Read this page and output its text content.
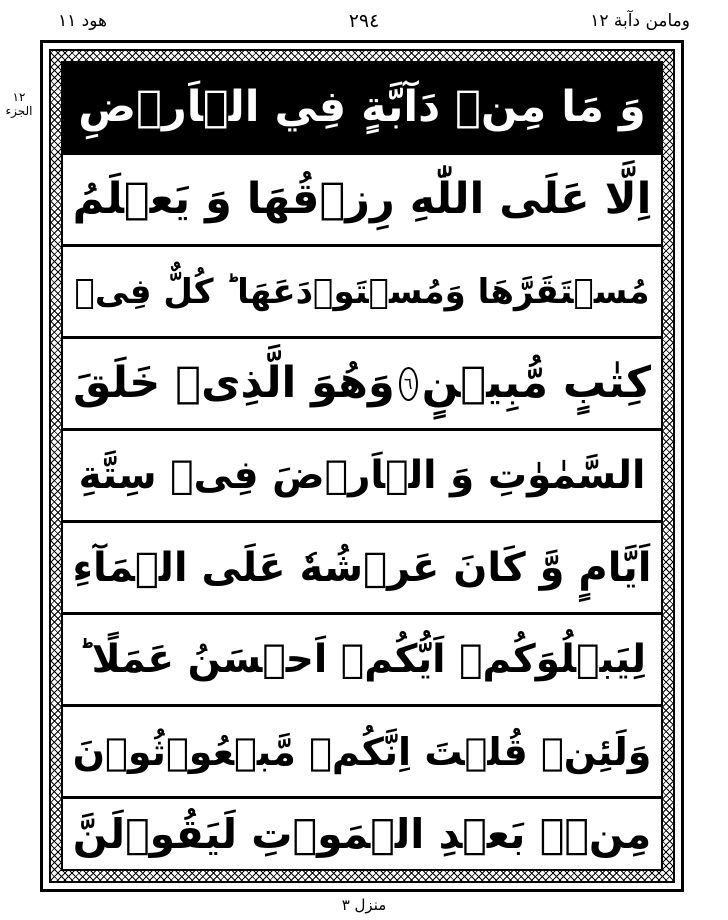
ومامن دآبة ١٢
٢٩٤
هود ١١
١٢
الجزء	وَ مَا مِنۡ دَآبَّةٍ فِي الۡاَرۡضِ
اِلَّا عَلَى اللّٰهِ رِزۡقُهَا وَ يَعۡلَمُ
مُسۡتَقَرَّهَا وَمُسۡتَوۡدَعَهَا ؕ كُلٌّ فِیۡ
كِتٰبٍ مُّبِيۡنٍ
٦
وَهُوَ الَّذِیۡ خَلَقَ
السَّمٰوٰتِ وَ الۡاَرۡضَ فِیۡ سِتَّةِ
اَيَّامٍ وَّ كَانَ عَرۡشُهٗ عَلَى الۡمَآءِ
لِيَبۡلُوَكُمۡ اَيُّكُمۡ اَحۡسَنُ عَمَلًا ؕ
وَلَئِنۡ قُلۡتَ اِنَّكُمۡ مَّبۡعُوۡثُوۡنَ
مِنۡۢ بَعۡدِ الۡمَوۡتِ لَيَقُوۡلَنَّ
منزل ٣
